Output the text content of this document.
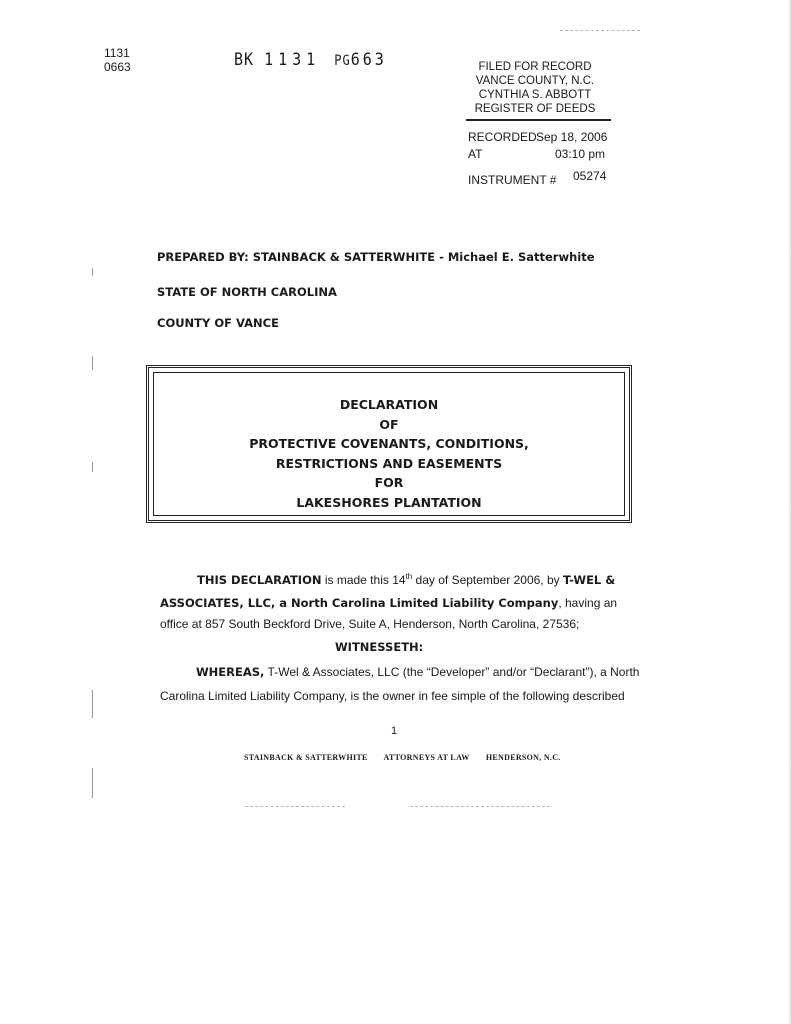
1131
0663	BK 1131 PG663	FILED FOR RECORD
VANCE COUNTY, N.C.
CYNTHIA S. ABBOTT
REGISTER OF DEEDS
RECORDED Sep 18, 2006
AT	03:10 pm
INSTRUMENT # 05274
PREPARED BY: STAINBACK & SATTERWHITE - Michael E. Satterwhite
STATE OF NORTH CAROLINA
COUNTY OF VANCE
DECLARATION
OF
PROTECTIVE COVENANTS, CONDITIONS,
RESTRICTIONS AND EASEMENTS
FOR
LAKESHORES PLANTATION
THIS DECLARATION is made this 14th day of September 2006, by T-WEL &
ASSOCIATES, LLC, a North Carolina Limited Liability Company, having an
office at 857 South Beckford Drive, Suite A, Henderson, North Carolina, 27536;
WITNESSETH:
WHEREAS, T-Wel & Associates, LLC (the “Developer” and/or “Declarant”), a North
Carolina Limited Liability Company, is the owner in fee simple of the following described
1
STAINBACK & SATTERWHITE ATTORNEYS AT LAW HENDERSON, N.C.
